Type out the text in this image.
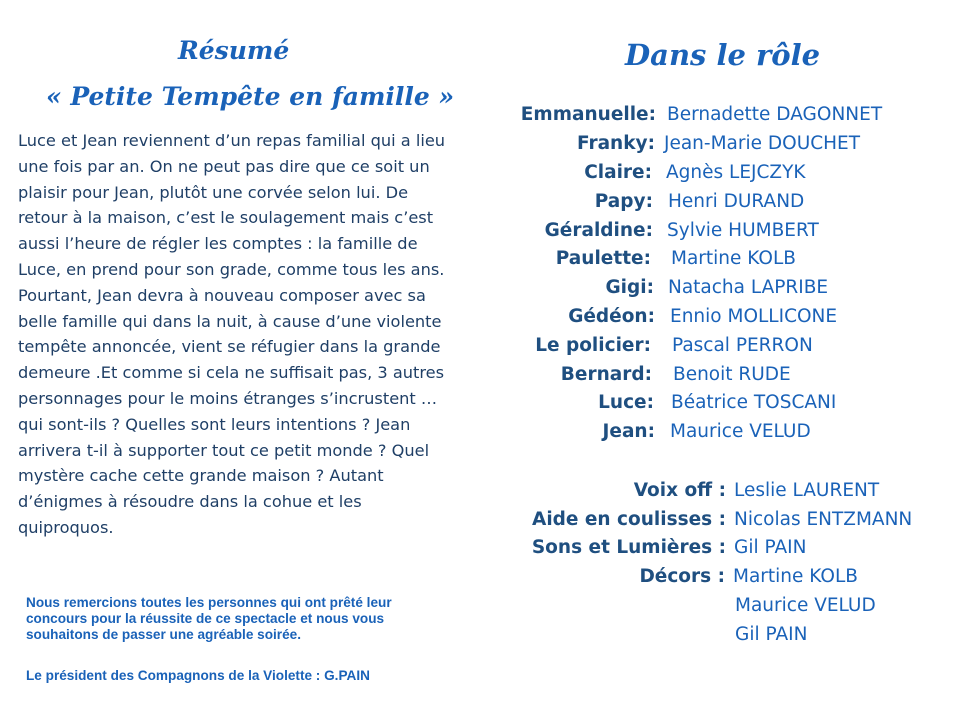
Résumé
« Petite Tempête en famille »

Luce et Jean reviennent d’un repas familial qui a lieu une fois par an. On ne peut pas dire que ce soit un plaisir pour Jean, plutôt une corvée selon lui. De retour à la maison, c’est le soulagement mais c’est aussi l’heure de régler les comptes : la famille de Luce, en prend pour son grade, comme tous les ans. Pourtant, Jean devra à nouveau composer avec sa belle famille qui dans la nuit, à cause d’une violente tempête annoncée, vient se réfugier dans la grande demeure .Et comme si cela ne suffisait pas, 3 autres personnages pour le moins étranges s’incrustent … qui sont-ils ? Quelles sont leurs intentions ? Jean arrivera t-il à supporter tout ce petit monde ? Quel mystère cache cette grande maison ? Autant d’énigmes à résoudre dans la cohue et les quiproquos.

Nous remercions toutes les personnes qui ont prêté leur concours pour la réussite de ce spectacle et nous vous souhaitons de passer une agréable soirée.

Le président des Compagnons de la Violette : G.PAIN

Dans le rôle
Emmanuelle: Bernadette DAGONNET
Franky: Jean-Marie DOUCHET
Claire: Agnès LEJCZYK
Papy: Henri DURAND
Géraldine: Sylvie HUMBERT
Paulette: Martine KOLB
Gigi: Natacha LAPRIBE
Gédéon: Ennio MOLLICONE
Le policier: Pascal PERRON
Bernard: Benoit RUDE
Luce: Béatrice TOSCANI
Jean: Maurice VELUD
Voix off : Leslie LAURENT
Aide en coulisses : Nicolas ENTZMANN
Sons et Lumières : Gil PAIN
Décors : Martine KOLB
Maurice VELUD
Gil PAIN
